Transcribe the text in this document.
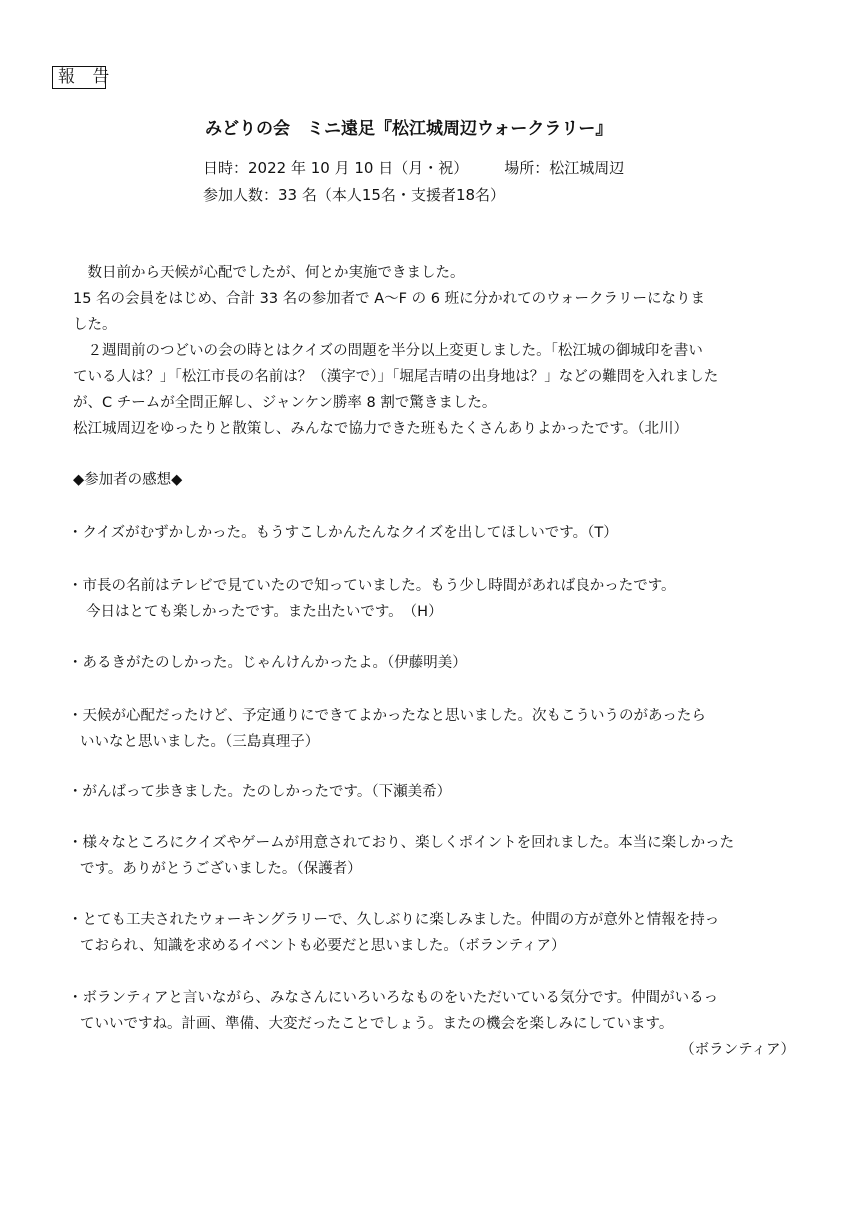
報 告
みどりの会　ミニ遠足『松江城周辺ウォークラリー』
日時：2022 年 10 月 10 日（月・祝） 場所：松江城周辺
参加人数：33 名（本人15名・支援者18名）

　数日前から天候が心配でしたが、何とか実施できました。

15 名の会員をはじめ、合計 33 名の参加者で A～F の 6 班に分かれてのウォークラリーになりま

した。

　２週間前のつどいの会の時とはクイズの問題を半分以上変更しました。「松江城の御城印を書い

ている人は？」「松江市長の名前は？（漢字で）」「堀尾吉晴の出身地は？」などの難問を入れました

が、C チームが全問正解し、ジャンケン勝率 8 割で驚きました。

松江城周辺をゆったりと散策し、みんなで協力できた班もたくさんありよかったです。（北川）

◆参加者の感想◆
・クイズがむずかしかった。もうすこしかんたんなクイズを出してほしいです。（T）
・市長の名前はテレビで見ていたので知っていました。もう少し時間があれば良かったです。
今日はとても楽しかったです。また出たいです。　（H）
・あるきがたのしかった。じゃんけんかったよ。（伊藤明美）
・天候が心配だったけど、予定通りにできてよかったなと思いました。次もこういうのがあったら
いいなと思いました。（三島真理子）
・がんばって歩きました。たのしかったです。（下瀬美希）
・様々なところにクイズやゲームが用意されており、楽しくポイントを回れました。本当に楽しかった
です。ありがとうございました。（保護者）
・とても工夫されたウォーキングラリーで、久しぶりに楽しみました。仲間の方が意外と情報を持っ
ておられ、知識を求めるイベントも必要だと思いました。（ボランティア）
・ボランティアと言いながら、みなさんにいろいろなものをいただいている気分です。仲間がいるっ
ていいですね。計画、準備、大変だったことでしょう。またの機会を楽しみにしています。
（ボランティア）
